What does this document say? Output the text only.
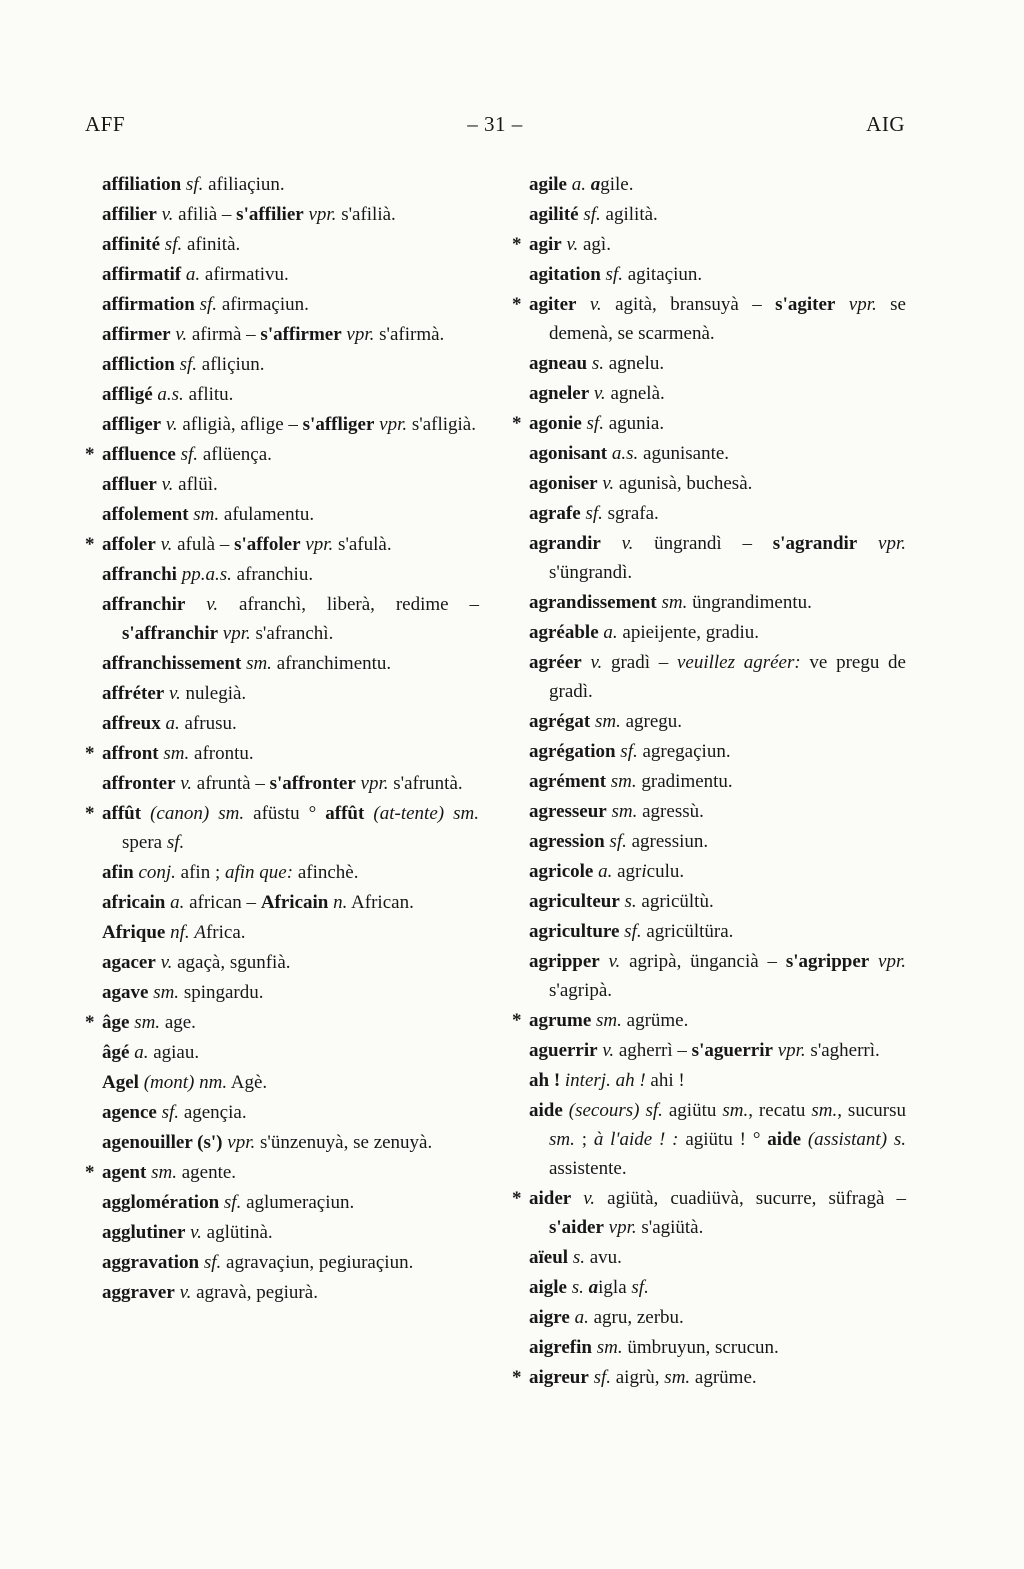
AFF	– 31 –	AIG
affiliation sf. afiliaçiun.
affilier v. afilià – s'affilier vpr. s'afilià.
affinité sf. afinità.
affirmatif a. afirmativu.
affirmation sf. afirmaçiun.
affirmer v. afirmà – s'affirmer vpr. s'afirmà.
affliction sf. afliçiun.
affligé a.s. aflitu.
affliger v. afligià, aflige – s'affliger vpr. s'afligià.
* affluence sf. aflüença.
affluer v. aflüì.
affolement sm. afulamentu.
* affoler v. afulà – s'affoler vpr. s'afulà.
affranchi pp.a.s. afranchiu.
affranchir v. afranchì, liberà, redime – s'affranchir vpr. s'afranchì.
affranchissement sm. afranchimentu.
affréter v. nulegià.
affreux a. afrusu.
* affront sm. afrontu.
affronter v. afruntà – s'affronter vpr. s'afruntà.
* affût (canon) sm. afüstu ° affût (at-tente) sm. spera sf.
afin conj. afin ; afin que: afinchè.
africain a. african – Africain n. African.
Afrique nf. Africa.
agacer v. agaçà, sgunfià.
agave sm. spingardu.
* âge sm. age.
âgé a. agiau.
Agel (mont) nm. Agè.
agence sf. agençia.
agenouiller (s') vpr. s'ünzenuyà, se zenuyà.
* agent sm. agente.
agglomération sf. aglumeraçiun.
agglutiner v. aglütinà.
aggravation sf. agravaçiun, pegiuraçiun.
aggraver v. agravà, pegiurà.
agile a. agile.
agilité sf. agilità.
* agir v. agì.
agitation sf. agitaçiun.
* agiter v. agità, bransuyà – s'agiter vpr. se demenà, se scarmenà.
agneau s. agnelu.
agneler v. agnelà.
* agonie sf. agunia.
agonisant a.s. agunisante.
agoniser v. agunisà, buchesà.
agrafe sf. sgrafa.
agrandir v. üngrandì – s'agrandir vpr. s'üngrandì.
agrandissement sm. üngrandimentu.
agréable a. apieijente, gradiu.
agréer v. gradì – veuillez agréer: ve pregu de gradì.
agrégat sm. agregu.
agrégation sf. agregaçiun.
agrément sm. gradimentu.
agresseur sm. agressù.
agression sf. agressiun.
agricole a. agriculu.
agriculteur s. agricültù.
agriculture sf. agricültüra.
agripper v. agripà, üngancià – s'agripper vpr. s'agripà.
* agrume sm. agrüme.
aguerrir v. agherrì – s'aguerrir vpr. s'agherrì.
ah ! interj. ah ! ahi !
aide (secours) sf. agiütu sm., recatu sm., sucursu sm. ; à l'aide ! : agiütu ! ° aide (assistant) s. assistente.
* aider v. agiütà, cuadiüvà, sucurre, süfragà – s'aider vpr. s'agiütà.
aïeul s. avu.
aigle s. aigla sf.
aigre a. agru, zerbu.
aigrefin sm. ümbruyun, scrucun.
* aigreur sf. aigrù, sm. agrüme.
